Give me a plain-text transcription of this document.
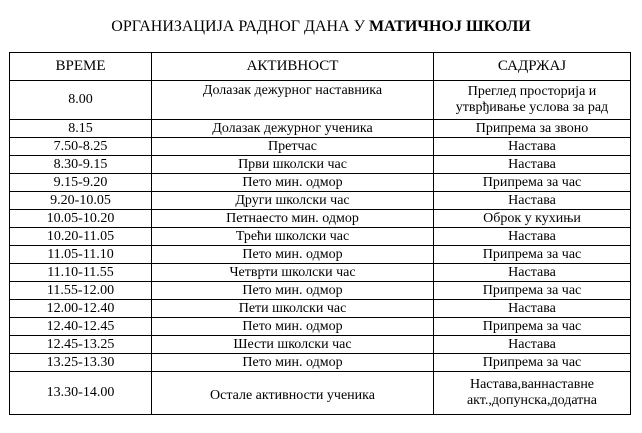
ОРГАНИЗАЦИЈА РАДНОГ ДАНА У МАТИЧНОЈ ШКОЛИ
ВРЕМЕ	АКТИВНОСТ	САДРЖАЈ
8.00	Долазак дежурног наставника	Преглед просторија и утврђивање услова за рад
8.15	Долазак дежурног ученика	Припрема за звоно
7.50-8.25	Претчас	Настава
8.30-9.15	Први школски час	Настава
9.15-9.20	Пето мин. одмор	Припрема за час
9.20-10.05	Други школски час	Настава
10.05-10.20	Петнаесто мин. одмор	Оброк у кухињи
10.20-11.05	Трећи школски час	Настава
11.05-11.10	Пето мин. одмор	Припрема за час
11.10-11.55	Четврти школски час	Настава
11.55-12.00	Пето мин. одмор	Припрема за час
12.00-12.40	Пети школски час	Настава
12.40-12.45	Пето мин. одмор	Припрема за час
12.45-13.25	Шести школски час	Настава
13.25-13.30	Пето мин. одмор	Припрема за час
13.30-14.00	Остале активности ученика	Настава,ваннаставне акт.,допунска,додатна
